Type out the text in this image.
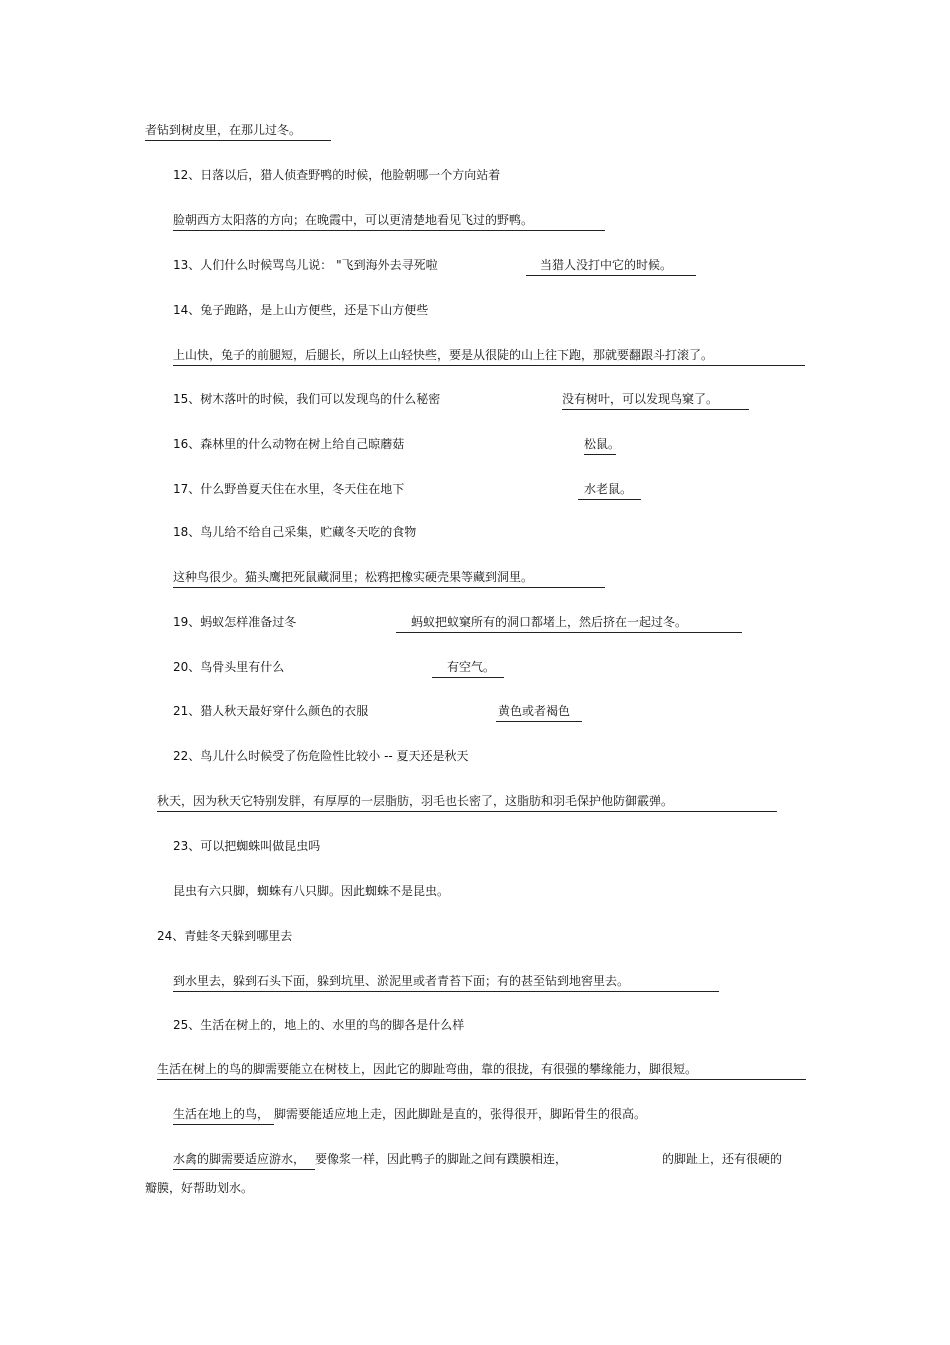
者钻到树皮里，在那儿过冬。
12、日落以后，猎人侦查野鸭的时候，他脸朝哪一个方向站着
脸朝西方太阳落的方向；在晚霞中，可以更清楚地看见飞过的野鸭。
13、人们什么时候骂鸟儿说： "飞到海外去寻死啦	当猎人没打中它的时候。
14、兔子跑路，是上山方便些，还是下山方便些
上山快，兔子的前腿短，后腿长，所以上山轻快些，要是从很陡的山上往下跑，那就要翻跟斗打滚了。
15、树木落叶的时候，我们可以发现鸟的什么秘密	没有树叶，可以发现鸟窠了。
16、森林里的什么动物在树上给自己晾蘑菇	松鼠。
17、什么野兽夏天住在水里，冬天住在地下	水老鼠。
18、鸟儿给不给自己采集，贮藏冬天吃的食物
这种鸟很少。猫头鹰把死鼠藏洞里；松鸦把橡实硬壳果等藏到洞里。
19、蚂蚁怎样准备过冬	蚂蚁把蚁窠所有的洞口都堵上，然后挤在一起过冬。
20、鸟骨头里有什么	有空气。
21、猎人秋天最好穿什么颜色的衣服	黄色或者褐色
22、鸟儿什么时候受了伤危险性比较小 -- 夏天还是秋天
秋天，因为秋天它特别发胖，有厚厚的一层脂肪，羽毛也长密了，这脂肪和羽毛保护他防御霰弹。
23、可以把蜘蛛叫做昆虫吗
昆虫有六只脚，蜘蛛有八只脚。因此蜘蛛不是昆虫。
24、青蛙冬天躲到哪里去
到水里去，躲到石头下面，躲到坑里、淤泥里或者青苔下面；有的甚至钻到地窖里去。
25、生活在树上的，地上的、水里的鸟的脚各是什么样
生活在树上的鸟的脚需要能立在树枝上，因此它的脚趾弯曲，靠的很拢，有很强的攀缘能力，脚很短。
生活在地上的鸟， 脚需要能适应地上走，因此脚趾是直的，张得很开，脚跖骨生的很高。
水禽的脚需要适应游水， 要像浆一样，因此鸭子的脚趾之间有蹼膜相连，	的脚趾上，还有很硬的
瓣膜，好帮助划水。
